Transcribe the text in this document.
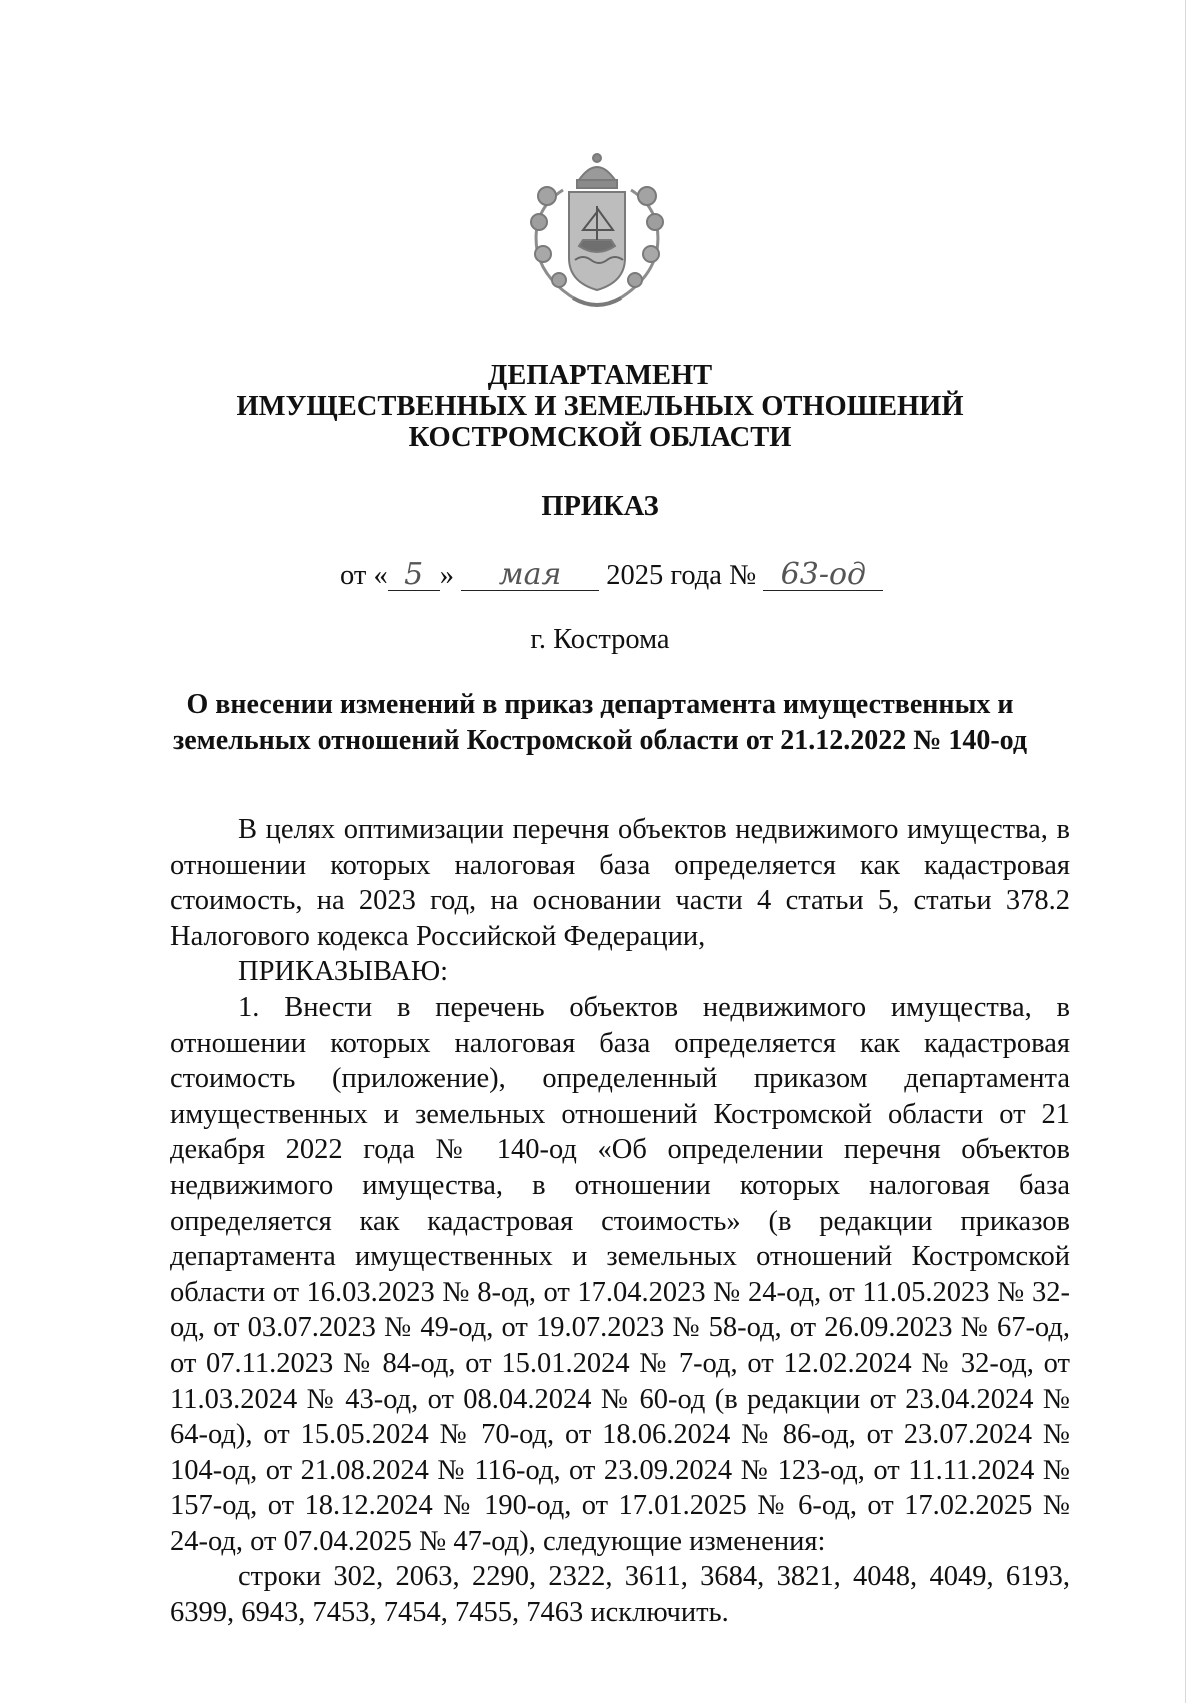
ДЕПАРТАМЕНТ
ИМУЩЕСТВЕННЫХ И ЗЕМЕЛЬНЫХ ОТНОШЕНИЙ
КОСТРОМСКОЙ ОБЛАСТИ
ПРИКАЗ
от « 5 » мая 2025 года № 63-од
г. Кострома
О внесении изменений в приказ департамента имущественных и
земельных отношений Костромской области от 21.12.2022 № 140-од

В целях оптимизации перечня объектов недвижимого имущества, в отношении которых налоговая база определяется как кадастровая стоимость, на 2023 год, на основании части 4 статьи 5, статьи 378.2 Налогового кодекса Российской Федерации,

ПРИКАЗЫВАЮ:

1. Внести в перечень объектов недвижимого имущества, в отношении которых налоговая база определяется как кадастровая стоимость (приложение), определенный приказом департамента имущественных и земельных отношений Костромской области от 21 декабря 2022 года № 140-од «Об определении перечня объектов недвижимого имущества, в отношении которых налоговая база определяется как кадастровая стоимость» (в редакции приказов департамента имущественных и земельных отношений Костромской области от 16.03.2023 № 8-од, от 17.04.2023 № 24-од, от 11.05.2023 № 32-од, от 03.07.2023 № 49-од, от 19.07.2023 № 58-од, от 26.09.2023 № 67-од, от 07.11.2023 № 84-од, от 15.01.2024 № 7-од, от 12.02.2024 № 32-од, от 11.03.2024 № 43-од, от 08.04.2024 № 60-од (в редакции от 23.04.2024 № 64-од), от 15.05.2024 № 70-од, от 18.06.2024 № 86-од, от 23.07.2024 № 104-од, от 21.08.2024 № 116-од, от 23.09.2024 № 123-од, от 11.11.2024 № 157-од, от 18.12.2024 № 190-од, от 17.01.2025 № 6-од, от 17.02.2025 № 24-од, от 07.04.2025 № 47-од), следующие изменения:

строки 302, 2063, 2290, 2322, 3611, 3684, 3821, 4048, 4049, 6193, 6399, 6943, 7453, 7454, 7455, 7463 исключить.
